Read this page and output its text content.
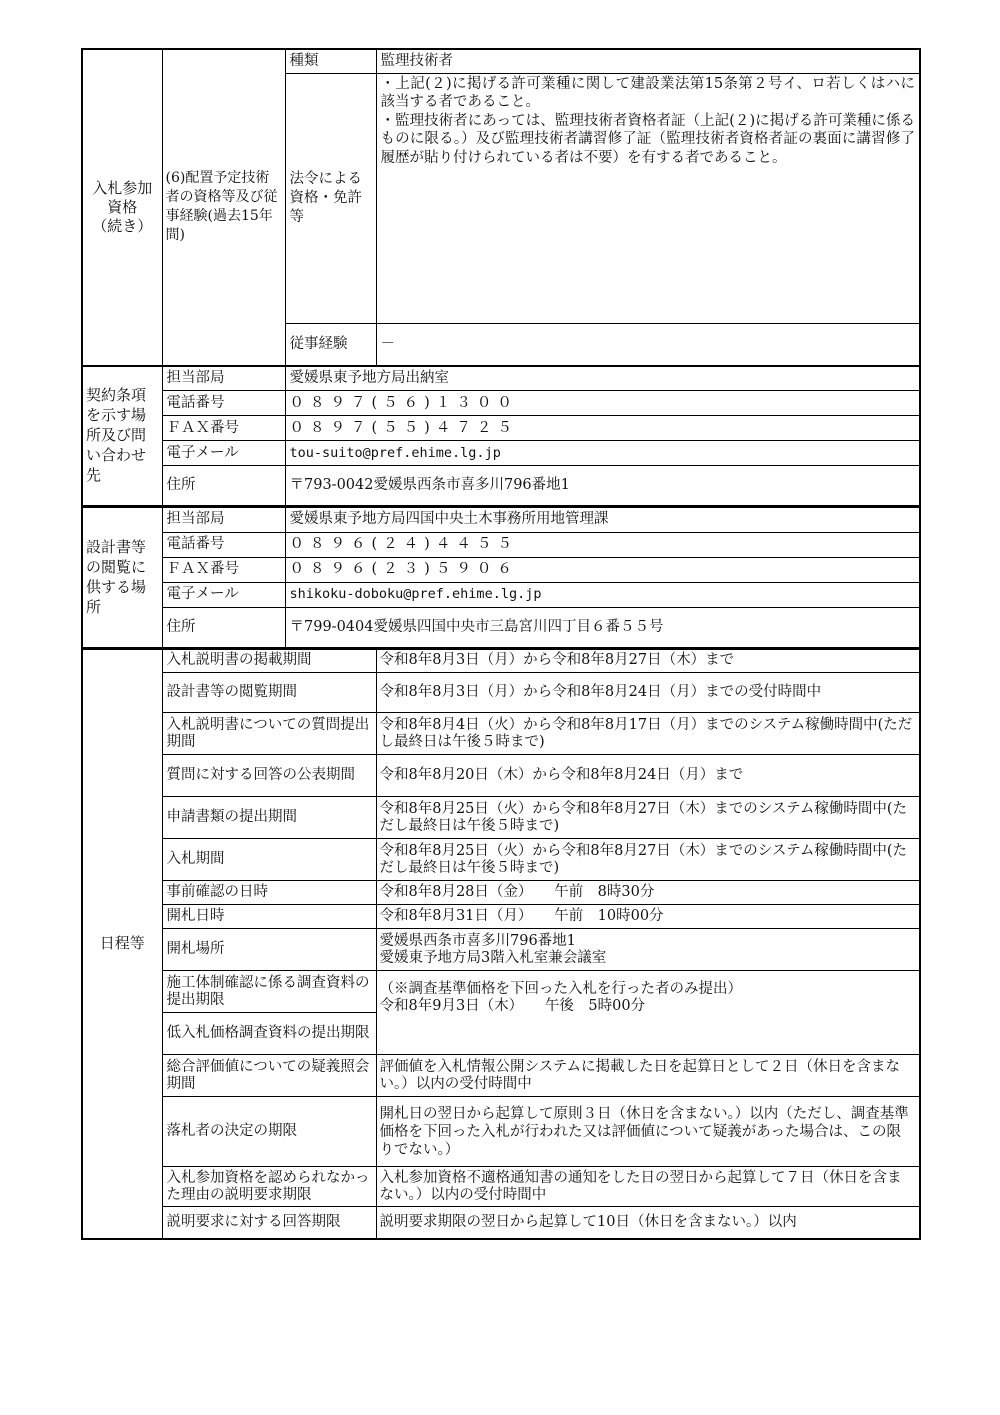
入札参加
資格
（続き）	(6)配置予定技術者の資格等及び従事経験(過去15年間)	種類	監理技術者
		法令による資格・免許等	・上記(２)に掲げる許可業種に関して建設業法第15条第２号イ、ロ若しくはハに該当する者であること。
・監理技術者にあっては、監理技術者資格者証（上記(２)に掲げる許可業種に係るものに限る。）及び監理技術者講習修了証（監理技術者資格者証の裏面に講習修了履歴が貼り付けられている者は不要）を有する者であること。
		従事経験	－
契約条項を示す場所及び問い合わせ先	担当部局	愛媛県東予地方局出納室
	電話番号	０８９７(５６)１３００
	ＦＡＸ番号	０８９７(５５)４７２５
	電子メール	tou-suito@pref.ehime.lg.jp
	住所	〒793-0042愛媛県西条市喜多川796番地1
設計書等の閲覧に供する場所	担当部局	愛媛県東予地方局四国中央土木事務所用地管理課
	電話番号	０８９６(２４)４４５５
	ＦＡＸ番号	０８９６(２３)５９０６
	電子メール	shikoku-doboku@pref.ehime.lg.jp
	住所	〒799-0404愛媛県四国中央市三島宮川四丁目６番５５号
日程等	入札説明書の掲載期間	令和8年8月3日（月）から令和8年8月27日（木）まで
	設計書等の閲覧期間	令和8年8月3日（月）から令和8年8月24日（月）までの受付時間中
	入札説明書についての質問提出期間	令和8年8月4日（火）から令和8年8月17日（月）までのシステム稼働時間中(ただし最終日は午後５時まで)
	質問に対する回答の公表期間	令和8年8月20日（木）から令和8年8月24日（月）まで
	申請書類の提出期間	令和8年8月25日（火）から令和8年8月27日（木）までのシステム稼働時間中(ただし最終日は午後５時まで)
	入札期間	令和8年8月25日（火）から令和8年8月27日（木）までのシステム稼働時間中(ただし最終日は午後５時まで)
	事前確認の日時	令和8年8月28日（金）　　午前　8時30分
	開札日時	令和8年8月31日（月）　　午前　10時00分
	開札場所	愛媛県西条市喜多川796番地1
愛媛東予地方局3階入札室兼会議室
	施工体制確認に係る調査資料の提出期限	（※調査基準価格を下回った入札を行った者のみ提出）
令和8年9月3日（木）　　午後　5時00分

	低入札価格調査資料の提出期限	
	総合評価値についての疑義照会期間	評価値を入札情報公開システムに掲載した日を起算日として２日（休日を含まない。）以内の受付時間中
	落札者の決定の期限	開札日の翌日から起算して原則３日（休日を含まない。）以内（ただし、調査基準価格を下回った入札が行われた又は評価値について疑義があった場合は、この限りでない。）
	入札参加資格を認められなかった理由の説明要求期限	入札参加資格不適格通知書の通知をした日の翌日から起算して７日（休日を含まない。）以内の受付時間中
	説明要求に対する回答期限	説明要求期限の翌日から起算して10日（休日を含まない。）以内
